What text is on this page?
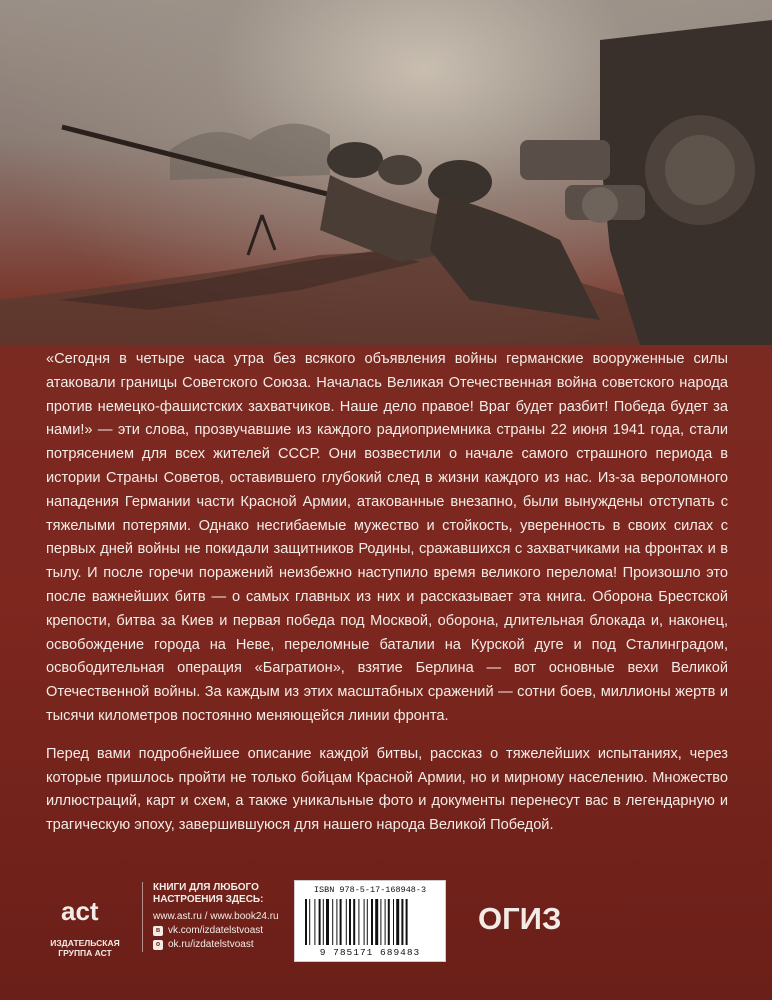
«Сегодня в четыре часа утра без всякого объявления войны германские вооруженные силы атаковали границы Советского Союза. Началась Великая Отечественная война советского народа против немецко-фашистских захватчиков. Наше дело правое! Враг будет разбит! Победа будет за нами!» — эти слова, прозвучавшие из каждого радиоприемника страны 22 июня 1941 года, стали потрясением для всех жителей СССР. Они возвестили о начале самого страшного периода в истории Страны Советов, оставившего глубокий след в жизни каждого из нас. Из-за вероломного нападения Германии части Красной Армии, атакованные внезапно, были вынуждены отступать с тяжелыми потерями. Однако несгибаемые мужество и стойкость, уверенность в своих силах с первых дней войны не покидали защитников Родины, сражавшихся с захватчиками на фронтах и в тылу. И после горечи поражений неизбежно наступило время великого перелома! Произошло это после важнейших битв — о самых главных из них и рассказывает эта книга. Оборона Брестской крепости, битва за Киев и первая победа под Москвой, оборона, длительная блокада и, наконец, освобождение города на Неве, переломные баталии на Курской дуге и под Сталинградом, освободительная операция «Багратион», взятие Берлина — вот основные вехи Великой Отечественной войны. За каждым из этих масштабных сражений — сотни боев, миллионы жертв и тысячи километров постоянно меняющейся линии фронта.

Перед вами подробнейшее описание каждой битвы, рассказ о тяжелейших испытаниях, через которые пришлось пройти не только бойцам Красной Армии, но и мирному населению. Множество иллюстраций, карт и схем, а также уникальные фото и документы перенесут вас в легендарную и трагическую эпоху, завершившуюся для нашего народа Великой Победой.

act
ИЗДАТЕЛЬСКАЯ
ГРУППА АСТ
КНИГИ ДЛЯ ЛЮБОГО
НАСТРОЕНИЯ ЗДЕСЬ:
www.ast.ru / www.book24.ru
в vk.com/izdatelstvoast
o ok.ru/izdatelstvoast
ISBN 978-5-17-168948-3
9 785171 689483
ОГИЗ
